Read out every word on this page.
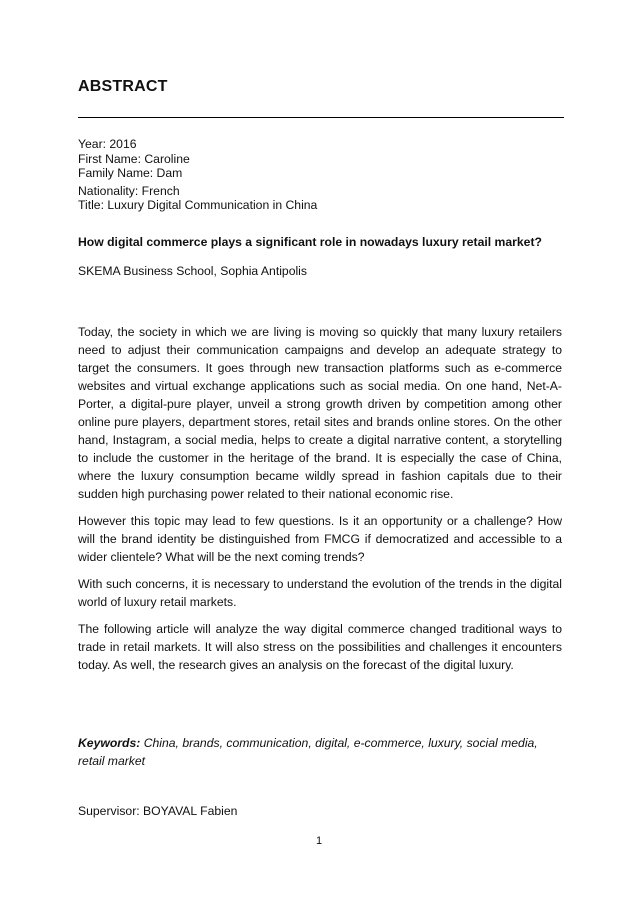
ABSTRACT
Year: 2016
First Name: Caroline
Family Name: Dam
Nationality: French
Title: Luxury Digital Communication in China
How digital commerce plays a significant role in nowadays luxury retail market?
SKEMA Business School, Sophia Antipolis

Today, the society in which we are living is moving so quickly that many luxury retailers need to adjust their communication campaigns and develop an adequate strategy to target the consumers. It goes through new transaction platforms such as e-commerce websites and virtual exchange applications such as social media. On one hand, Net-A-Porter, a digital-pure player, unveil a strong growth driven by competition among other online pure players, department stores, retail sites and brands online stores. On the other hand, Instagram, a social media, helps to create a digital narrative content, a storytelling to include the customer in the heritage of the brand. It is especially the case of China, where the luxury consumption became wildly spread in fashion capitals due to their sudden high purchasing power related to their national economic rise.

However this topic may lead to few questions. Is it an opportunity or a challenge? How will the brand identity be distinguished from FMCG if democratized and accessible to a wider clientele? What will be the next coming trends?

With such concerns, it is necessary to understand the evolution of the trends in the digital world of luxury retail markets.

The following article will analyze the way digital commerce changed traditional ways to trade in retail markets. It will also stress on the possibilities and challenges it encounters today. As well, the research gives an analysis on the forecast of the digital luxury.

Keywords: China, brands, communication, digital, e-commerce, luxury, social media, retail market
Supervisor: BOYAVAL Fabien
1
